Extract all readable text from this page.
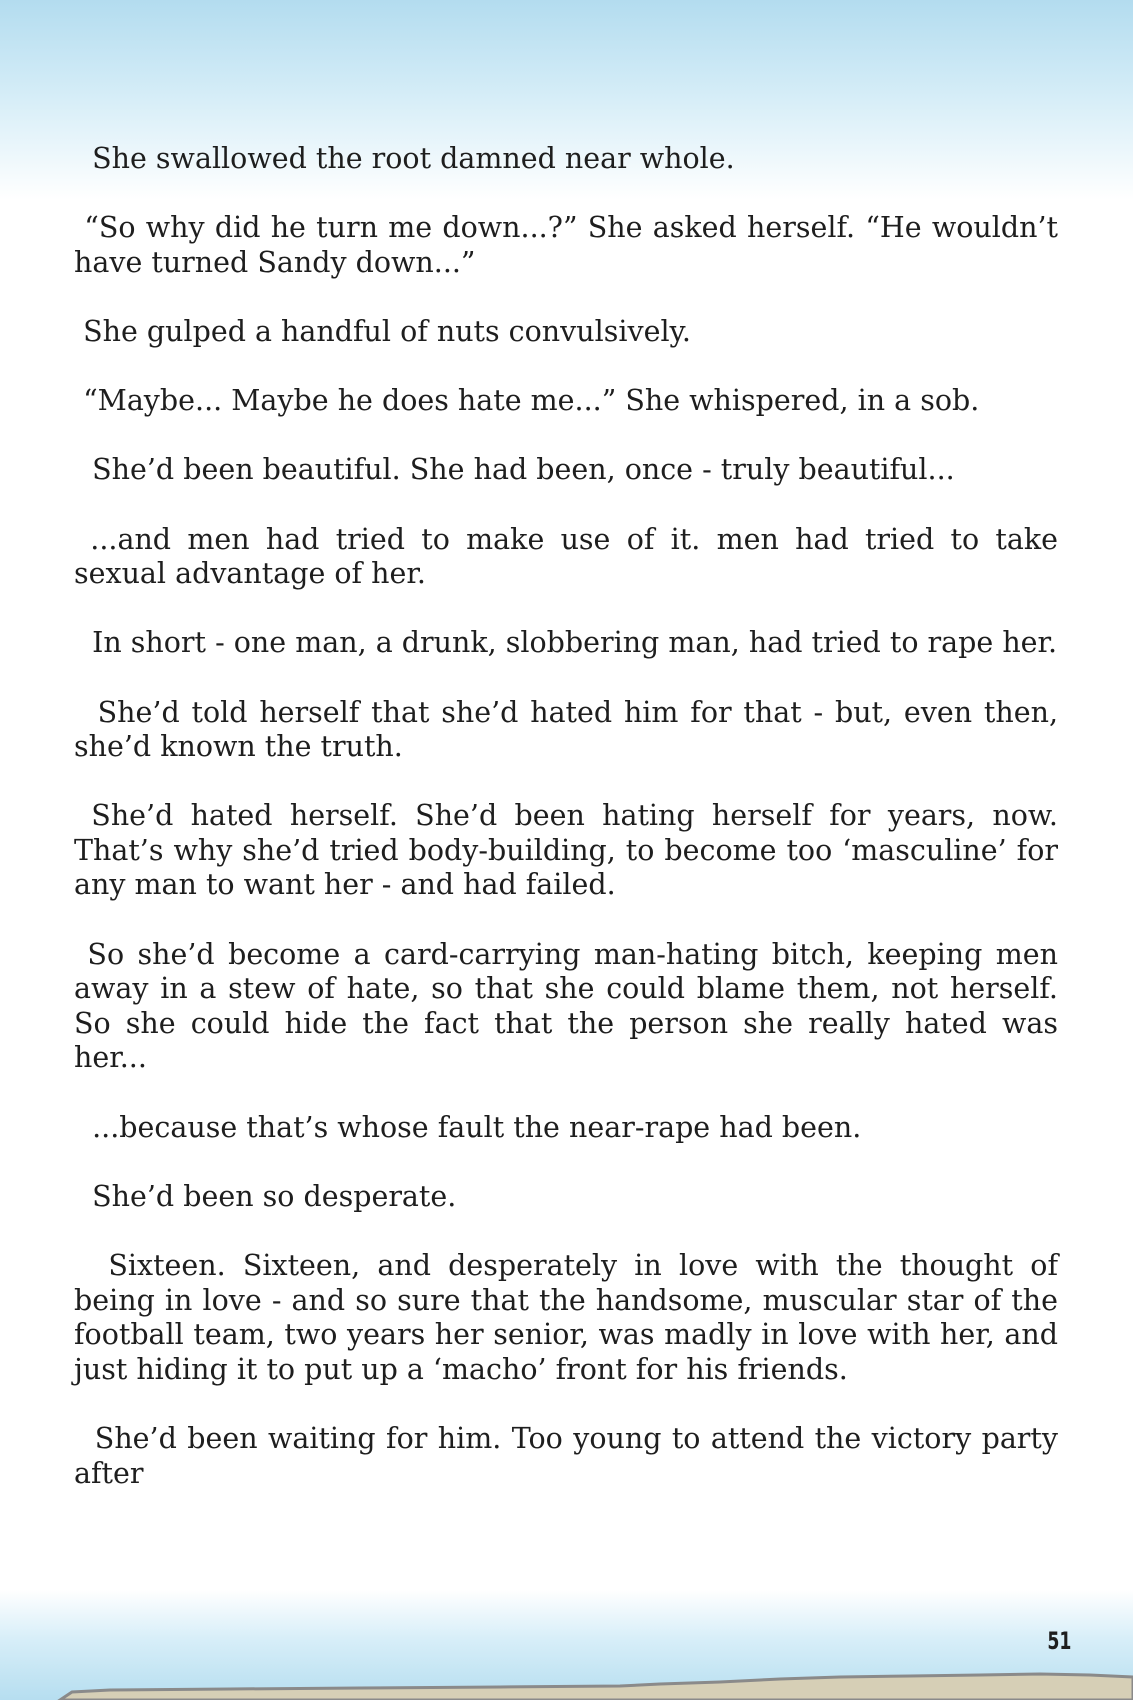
She swallowed the root damned near whole.

“So why did he turn me down...?” She asked herself. “He wouldn’t have turned Sandy down...”

She gulped a handful of nuts convulsively.

“Maybe... Maybe he does hate me...” She whispered, in a sob.

She’d been beautiful. She had been, once - truly beautiful...

...and men had tried to make use of it. men had tried to take sexual advantage of her.

In short - one man, a drunk, slobbering man, had tried to rape her.

She’d told herself that she’d hated him for that - but, even then, she’d known the truth.

She’d hated herself. She’d been hating herself for years, now. That’s why she’d tried body-building, to become too ‘masculine’ for any man to want her - and had failed.

So she’d become a card-carrying man-hating bitch, keeping men away in a stew of hate, so that she could blame them, not herself. So she could hide the fact that the person she really hated was her...

...because that’s whose fault the near-rape had been.

She’d been so desperate.

Sixteen. Sixteen, and desperately in love with the thought of being in love - and so sure that the handsome, muscular star of the football team, two years her senior, was madly in love with her, and just hiding it to put up a ‘macho’ front for his friends.

She’d been waiting for him. Too young to attend the victory party after

51
